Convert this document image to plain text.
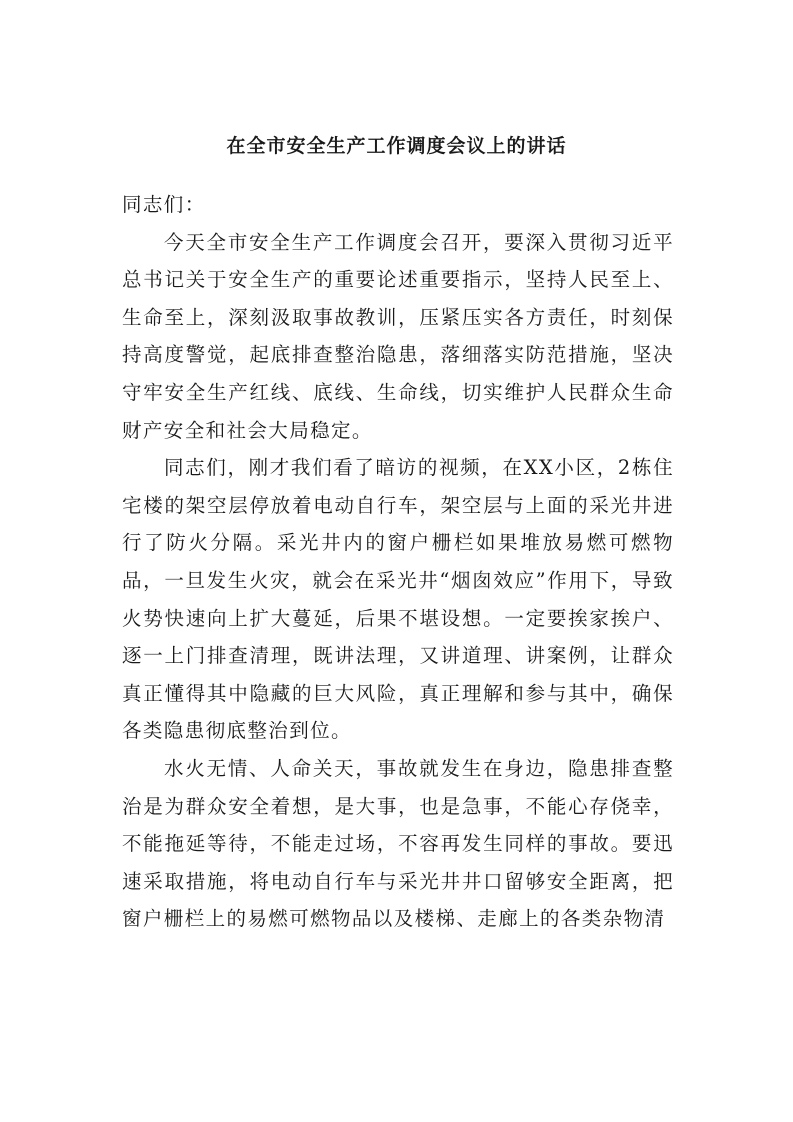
在全市安全生产工作调度会议上的讲话

同志们：

今天全市安全生产工作调度会召开，要深入贯彻习近平总书记关于安全生产的重要论述重要指示，坚持人民至上、生命至上，深刻汲取事故教训，压紧压实各方责任，时刻保持高度警觉，起底排查整治隐患，落细落实防范措施，坚决守牢安全生产红线、底线、生命线，切实维护人民群众生命财产安全和社会大局稳定。

同志们，刚才我们看了暗访的视频，在XX小区，2栋住宅楼的架空层停放着电动自行车，架空层与上面的采光井进行了防火分隔。采光井内的窗户栅栏如果堆放易燃可燃物品，一旦发生火灾，就会在采光井“烟囱效应”作用下，导致火势快速向上扩大蔓延，后果不堪设想。一定要挨家挨户、逐一上门排查清理，既讲法理，又讲道理、讲案例，让群众真正懂得其中隐藏的巨大风险，真正理解和参与其中，确保各类隐患彻底整治到位。

水火无情、人命关天，事故就发生在身边，隐患排查整治是为群众安全着想，是大事，也是急事，不能心存侥幸，不能拖延等待，不能走过场，不容再发生同样的事故。要迅速采取措施，将电动自行车与采光井井口留够安全距离，把窗户栅栏上的易燃可燃物品以及楼梯、走廊上的各类杂物清
